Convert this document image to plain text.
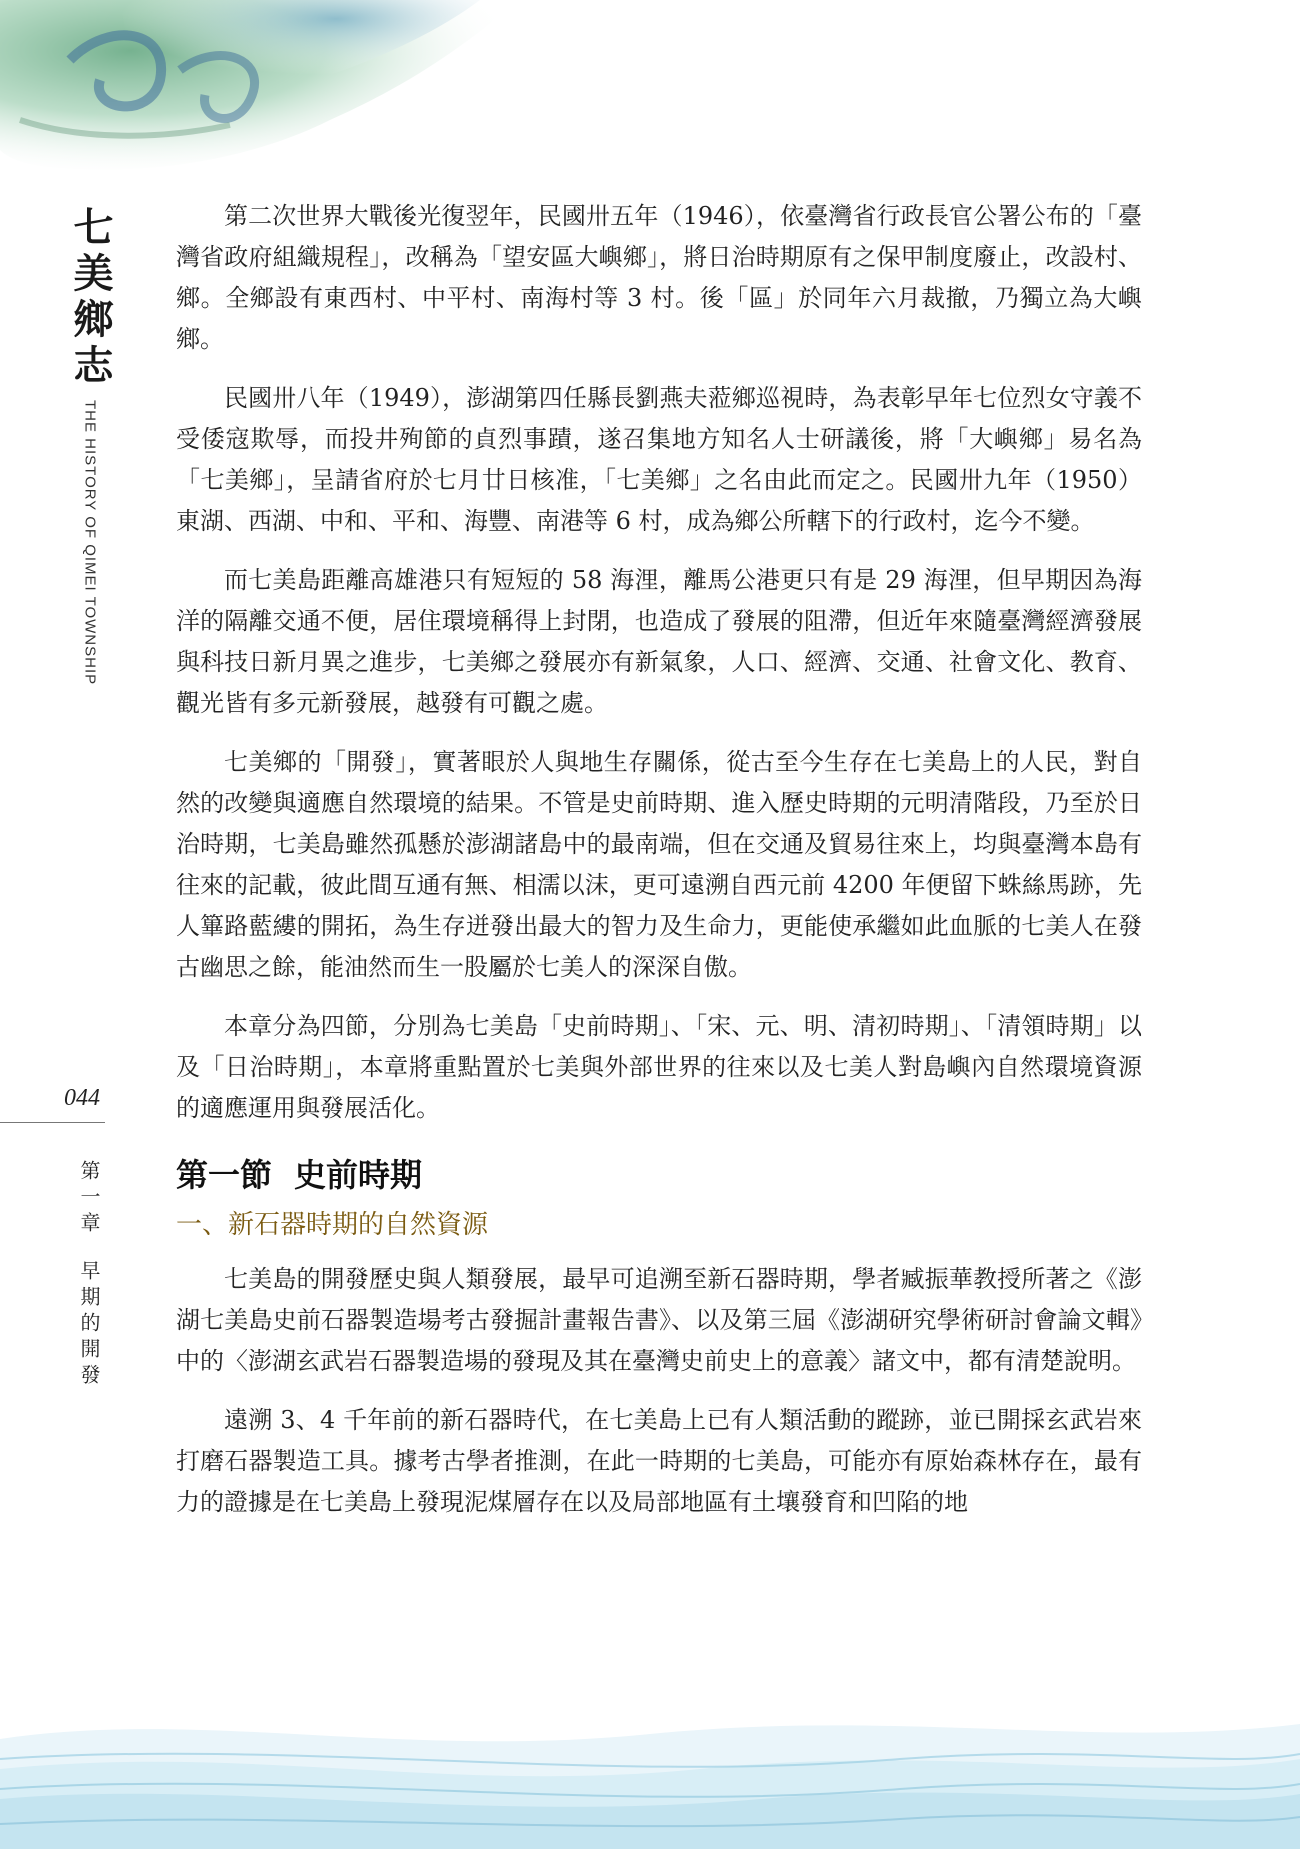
七美鄉志
THE HISTORY OF QIMEI TOWNSHIP
044
第一章早期的開發

第二次世界大戰後光復翌年，民國卅五年（1946），依臺灣省行政長官公署公布的「臺灣省政府組織規程」，改稱為「望安區大嶼鄉」，將日治時期原有之保甲制度廢止，改設村、鄉。全鄉設有東西村、中平村、南海村等 3 村。後「區」於同年六月裁撤，乃獨立為大嶼鄉。

民國卅八年（1949），澎湖第四任縣長劉燕夫蒞鄉巡視時，為表彰早年七位烈女守義不受倭寇欺辱，而投井殉節的貞烈事蹟，遂召集地方知名人士研議後，將「大嶼鄉」易名為「七美鄉」，呈請省府於七月廿日核准，「七美鄉」之名由此而定之。民國卅九年（1950）東湖、西湖、中和、平和、海豐、南港等 6 村，成為鄉公所轄下的行政村，迄今不變。

而七美島距離高雄港只有短短的 58 海浬，離馬公港更只有是 29 海浬，但早期因為海洋的隔離交通不便，居住環境稱得上封閉，也造成了發展的阻滯，但近年來隨臺灣經濟發展與科技日新月異之進步，七美鄉之發展亦有新氣象，人口、經濟、交通、社會文化、教育、觀光皆有多元新發展，越發有可觀之處。

七美鄉的「開發」，實著眼於人與地生存關係，從古至今生存在七美島上的人民，對自然的改變與適應自然環境的結果。不管是史前時期、進入歷史時期的元明清階段，乃至於日治時期，七美島雖然孤懸於澎湖諸島中的最南端，但在交通及貿易往來上，均與臺灣本島有往來的記載，彼此間互通有無、相濡以沫，更可遠溯自西元前 4200 年便留下蛛絲馬跡，先人篳路藍縷的開拓，為生存迸發出最大的智力及生命力，更能使承繼如此血脈的七美人在發古幽思之餘，能油然而生一股屬於七美人的深深自傲。

本章分為四節，分別為七美島「史前時期」、「宋、元、明、清初時期」、「清領時期」以及「日治時期」，本章將重點置於七美與外部世界的往來以及七美人對島嶼內自然環境資源的適應運用與發展活化。

第一節 史前時期
一、新石器時期的自然資源

七美島的開發歷史與人類發展，最早可追溯至新石器時期，學者臧振華教授所著之《澎湖七美島史前石器製造場考古發掘計畫報告書》、以及第三屆《澎湖研究學術研討會論文輯》中的〈澎湖玄武岩石器製造場的發現及其在臺灣史前史上的意義〉諸文中，都有清楚說明。

遠溯 3、4 千年前的新石器時代，在七美島上已有人類活動的蹤跡，並已開採玄武岩來打磨石器製造工具。據考古學者推測，在此一時期的七美島，可能亦有原始森林存在，最有力的證據是在七美島上發現泥煤層存在以及局部地區有土壤發育和凹陷的地
